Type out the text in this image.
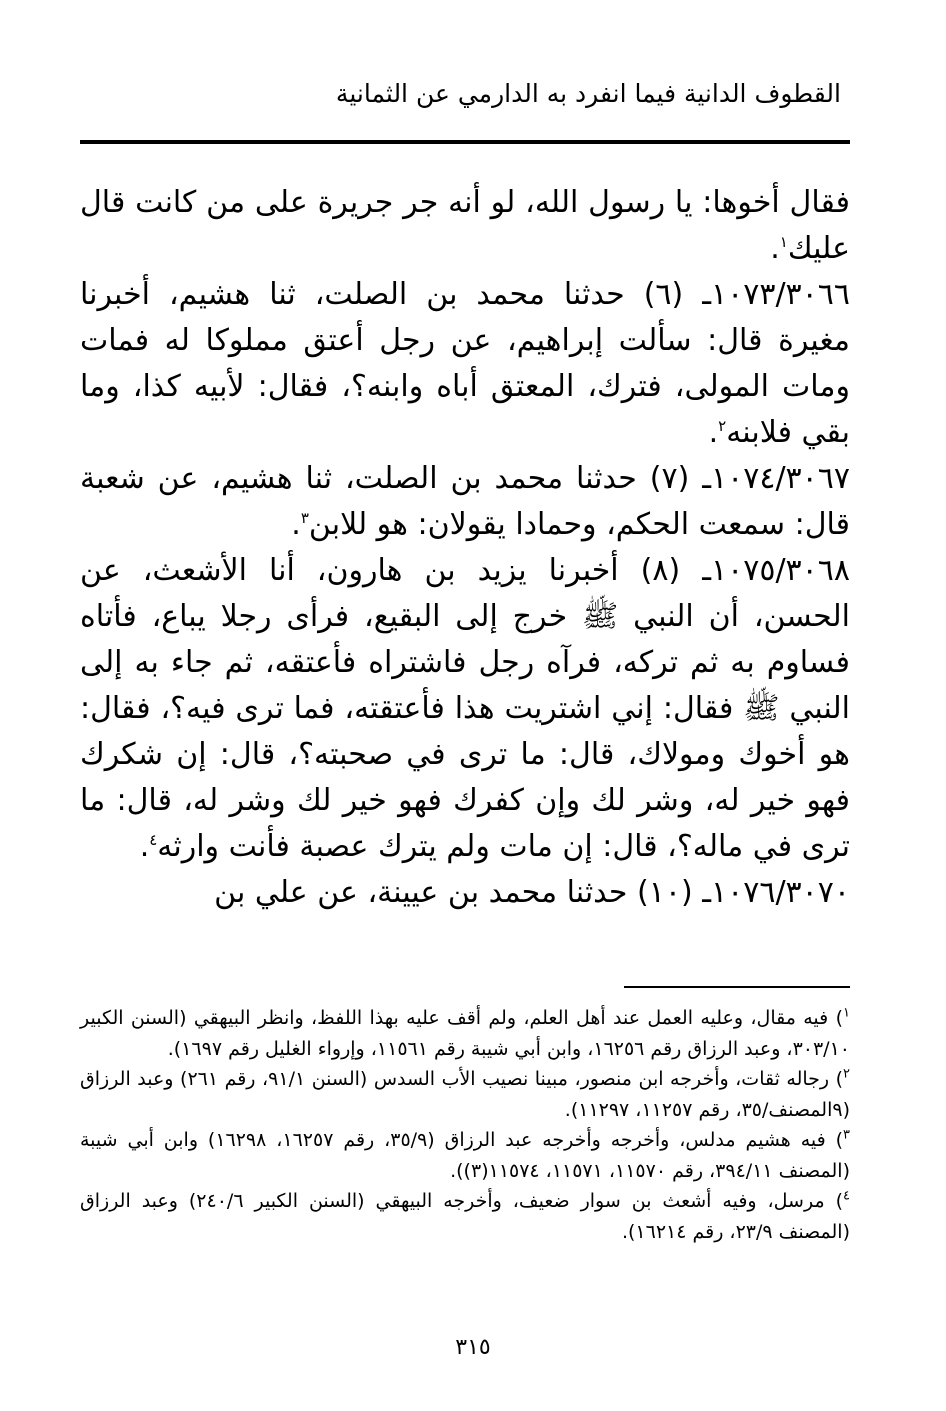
القطوف الدانية فيما انفرد به الدارمي عن الثمانية

فقال أخوها: يا رسول الله، لو أنه جر جريرة على من كانت قال عليك$^١$.

١٠٧٣/٣٠٦٦ـ (٦) حدثنا محمد بن الصلت، ثنا هشيم، أخبرنا مغيرة قال: سألت إبراهيم، عن رجل أعتق مملوكا له فمات ومات المولى، فترك، المعتق أباه وابنه؟، فقال: لأبيه كذا، وما بقي فلابنه$^٢$.

١٠٧٤/٣٠٦٧ـ (٧) حدثنا محمد بن الصلت، ثنا هشيم، عن شعبة قال: سمعت الحكم، وحمادا يقولان: هو للابن$^٣$.

١٠٧٥/٣٠٦٨ـ (٨) أخبرنا يزيد بن هارون، أنا الأشعث، عن الحسن، أن النبي ﷺ خرج إلى البقيع، فرأى رجلا يباع، فأتاه فساوم به ثم تركه، فرآه رجل فاشتراه فأعتقه، ثم جاء به إلى النبي ﷺ فقال: إني اشتريت هذا فأعتقته، فما ترى فيه؟، فقال: هو أخوك ومولاك، قال: ما ترى في صحبته؟، قال: إن شكرك فهو خير له، وشر لك وإن كفرك فهو خير لك وشر له، قال: ما ترى في ماله؟، قال: إن مات ولم يترك عصبة فأنت وارثه$^٤$.

١٠٧٦/٣٠٧٠ـ (١٠) حدثنا محمد بن عيينة، عن علي بن

$^١$) فيه مقال، وعليه العمل عند أهل العلم، ولم أقف عليه بهذا اللفظ، وانظر البيهقي (السنن الكبير ٣٠٣/١٠، وعبد الرزاق رقم ١٦٢٥٦، وابن أبي شيبة رقم ١١٥٦١، وإرواء الغليل رقم ١٦٩٧).

$^٢$) رجاله ثقات، وأخرجه ابن منصور، مبينا نصيب الأب السدس (السنن ٩١/١، رقم ٢٦١) وعبد الرزاق (٩المصنف/٣٥، رقم ١١٢٥٧، ١١٢٩٧).

$^٣$) فيه هشيم مدلس، وأخرجه وأخرجه عبد الرزاق (٣٥/٩، رقم ١٦٢٥٧، ١٦٢٩٨) وابن أبي شيبة (المصنف ٣٩٤/١١، رقم ١١٥٧٠، ١١٥٧١، ١١٥٧٤(٣)).

$^٤$) مرسل، وفيه أشعث بن سوار ضعيف، وأخرجه البيهقي (السنن الكبير ٢٤٠/٦) وعبد الرزاق (المصنف ٢٣/٩، رقم ١٦٢١٤).

٣١٥
